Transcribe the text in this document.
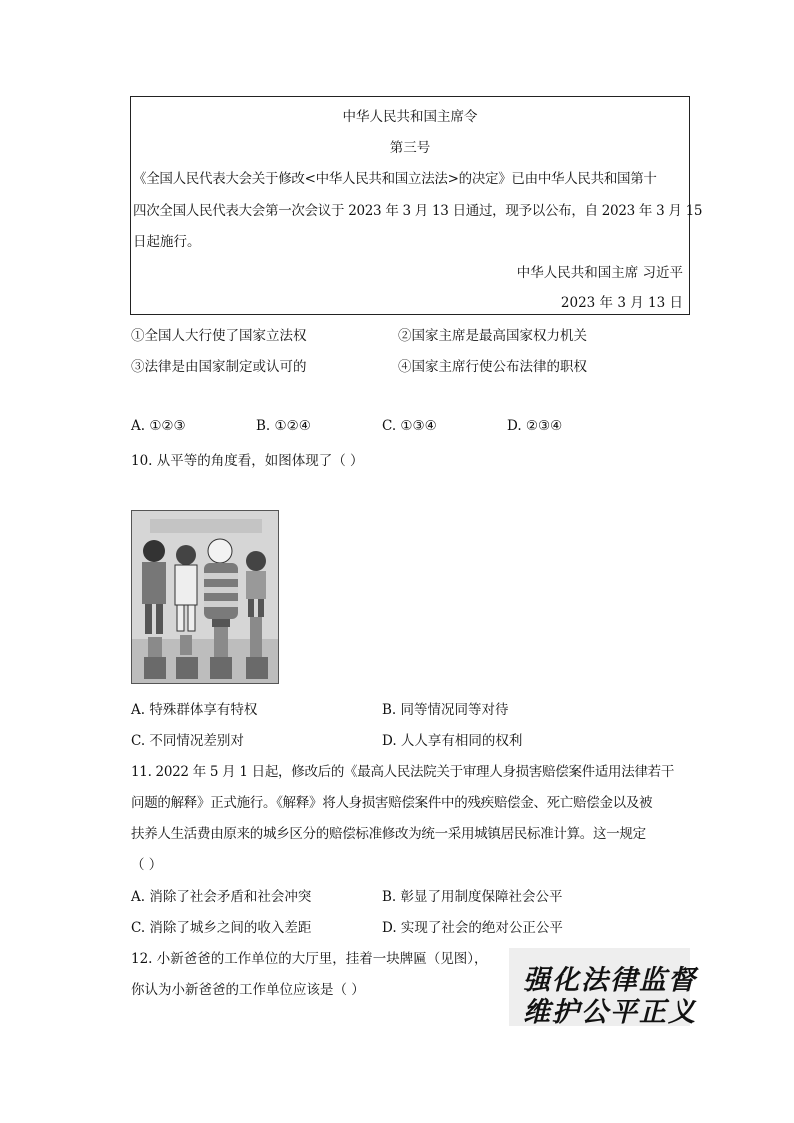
中华人民共和国主席令
第三号
《全国人民代表大会关于修改<中华人民共和国立法法>的决定》已由中华人民共和国第十
四次全国人民代表大会第一次会议于 2023 年 3 月 13 日通过，现予以公布，自 2023 年 3 月 15
日起施行。
中华人民共和国主席 习近平
2023 年 3 月 13 日
①全国人大行使了国家立法权	②国家主席是最高国家权力机关
③法律是由国家制定或认可的	④国家主席行使公布法律的职权
A. ①②③	B. ①②④	C. ①③④	D. ②③④
10. 从平等的角度看，如图体现了（ ）
A. 特殊群体享有特权	B. 同等情况同等对待
C. 不同情况差别对	D. 人人享有相同的权利
11. 2022 年 5 月 1 日起，修改后的《最高人民法院关于审理人身损害赔偿案件适用法律若干
问题的解释》正式施行。《解释》将人身损害赔偿案件中的残疾赔偿金、死亡赔偿金以及被
扶养人生活费由原来的城乡区分的赔偿标准修改为统一采用城镇居民标准计算。这一规定
（ ）
A. 消除了社会矛盾和社会冲突	B. 彰显了用制度保障社会公平
C. 消除了城乡之间的收入差距	D. 实现了社会的绝对公正公平
12. 小新爸爸的工作单位的大厅里，挂着一块牌匾（见图），
你认为小新爸爸的工作单位应该是（ ）	强化法律监督
维护公平正义
